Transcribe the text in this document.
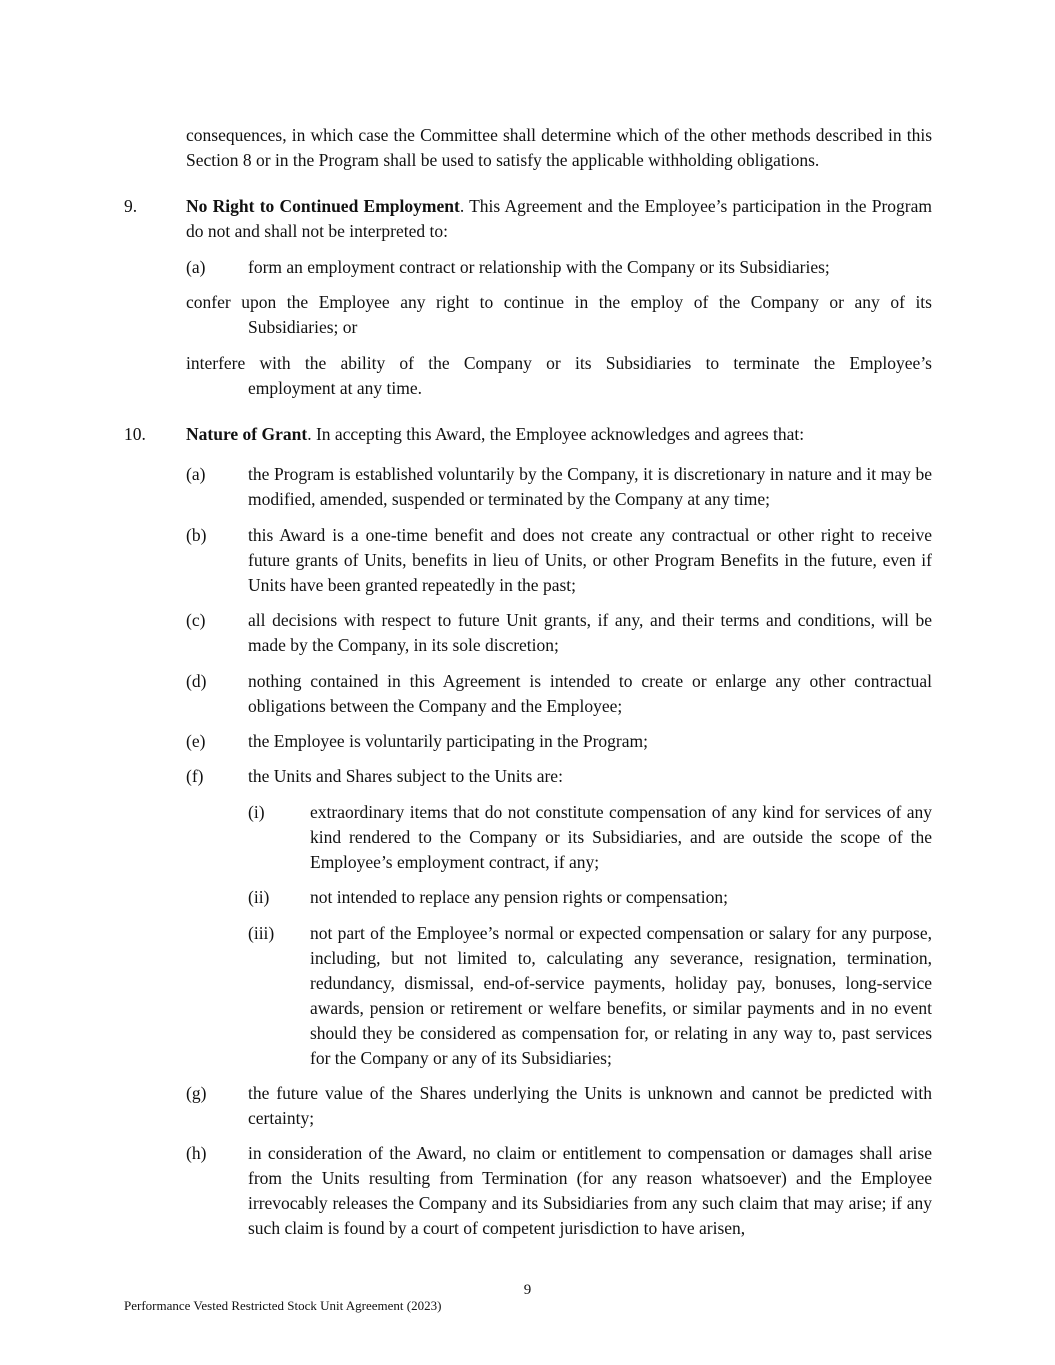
consequences, in which case the Committee shall determine which of the other methods described in this Section 8 or in the Program shall be used to satisfy the applicable withholding obligations.
9.	No Right to Continued Employment. This Agreement and the Employee’s participation in the Program do not and shall not be interpreted to:
(a) form an employment contract or relationship with the Company or its Subsidiaries;
confer upon the Employee any right to continue in the employ of the Company or any of its
Subsidiaries; or
interfere with the ability of the Company or its Subsidiaries to terminate the Employee’s
employment at any time.
10. Nature of Grant. In accepting this Award, the Employee acknowledges and agrees that:
(a) the Program is established voluntarily by the Company, it is discretionary in nature and it may be modified, amended, suspended or terminated by the Company at any time;
(b) this Award is a one-time benefit and does not create any contractual or other right to receive future grants of Units, benefits in lieu of Units, or other Program Benefits in the future, even if Units have been granted repeatedly in the past;
(c) all decisions with respect to future Unit grants, if any, and their terms and conditions, will be made by the Company, in its sole discretion;
(d) nothing contained in this Agreement is intended to create or enlarge any other contractual obligations between the Company and the Employee;
(e) the Employee is voluntarily participating in the Program;
(f)	the Units and Shares subject to the Units are:
(i)	extraordinary items that do not constitute compensation of any kind for services of any kind rendered to the Company or its Subsidiaries, and are outside the scope of the Employee’s employment contract, if any;
(ii) not intended to replace any pension rights or compensation;
(iii) not part of the Employee’s normal or expected compensation or salary for any purpose, including, but not limited to, calculating any severance, resignation, termination, redundancy, dismissal, end-of-service payments, holiday pay, bonuses, long-service awards, pension or retirement or welfare benefits, or similar payments and in no event should they be considered as compensation for, or relating in any way to, past services for the Company or any of its Subsidiaries;
(g) the future value of the Shares underlying the Units is unknown and cannot be predicted with certainty;
(h) in consideration of the Award, no claim or entitlement to compensation or damages shall arise from the Units resulting from Termination (for any reason whatsoever) and the Employee irrevocably releases the Company and its Subsidiaries from any such claim that may arise; if any such claim is found by a court of competent jurisdiction to have arisen,
9
Performance Vested Restricted Stock Unit Agreement (2023)
